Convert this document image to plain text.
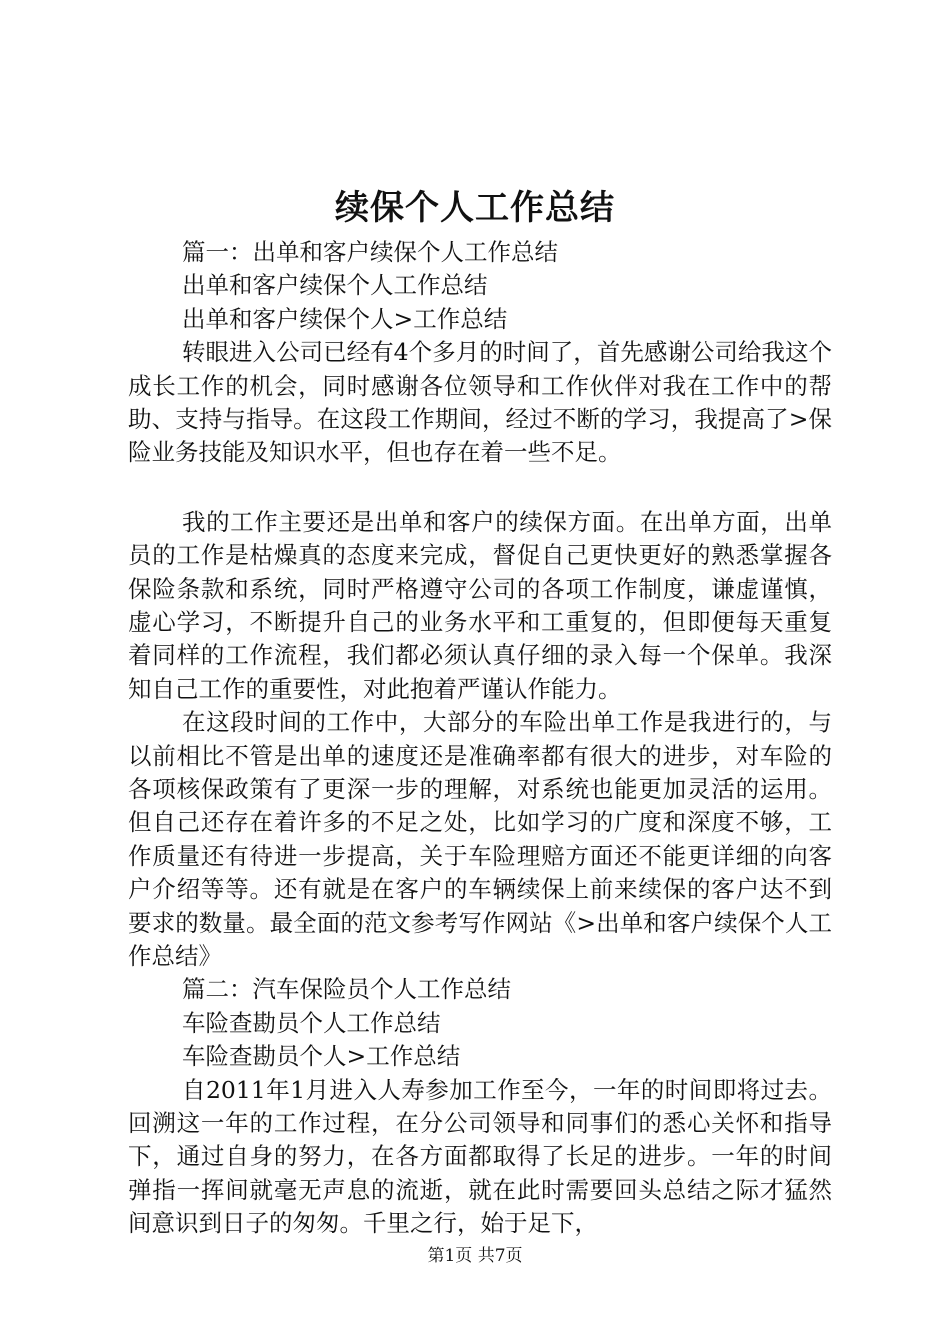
续保个人工作总结
篇一：出单和客户续保个人工作总结
出单和客户续保个人工作总结
出单和客户续保个人>工作总结

转眼进入公司已经有4个多月的时间了，首先感谢公司给我这个成长工作的机会，同时感谢各位领导和工作伙伴对我在工作中的帮助、支持与指导。在这段工作期间，经过不断的学习，我提高了>保险业务技能及知识水平，但也存在着一些不足。

我的工作主要还是出单和客户的续保方面。在出单方面，出单员的工作是枯燥真的态度来完成，督促自己更快更好的熟悉掌握各保险条款和系统，同时严格遵守公司的各项工作制度，谦虚谨慎，虚心学习，不断提升自己的业务水平和工重复的，但即便每天重复着同样的工作流程，我们都必须认真仔细的录入每一个保单。我深知自己工作的重要性，对此抱着严谨认作能力。

在这段时间的工作中，大部分的车险出单工作是我进行的，与以前相比不管是出单的速度还是准确率都有很大的进步，对车险的各项核保政策有了更深一步的理解，对系统也能更加灵活的运用。但自己还存在着许多的不足之处，比如学习的广度和深度不够，工作质量还有待进一步提高，关于车险理赔方面还不能更详细的向客户介绍等等。还有就是在客户的车辆续保上前来续保的客户达不到要求的数量。最全面的范文参考写作网站《>出单和客户续保个人工作总结》

篇二：汽车保险员个人工作总结
车险查勘员个人工作总结
车险查勘员个人>工作总结

自2011年1月进入人寿参加工作至今，一年的时间即将过去。回溯这一年的工作过程，在分公司领导和同事们的悉心关怀和指导下，通过自身的努力，在各方面都取得了长足的进步。一年的时间弹指一挥间就毫无声息的流逝，就在此时需要回头总结之际才猛然间意识到日子的匆匆。千里之行，始于足下，

第1页 共7页
